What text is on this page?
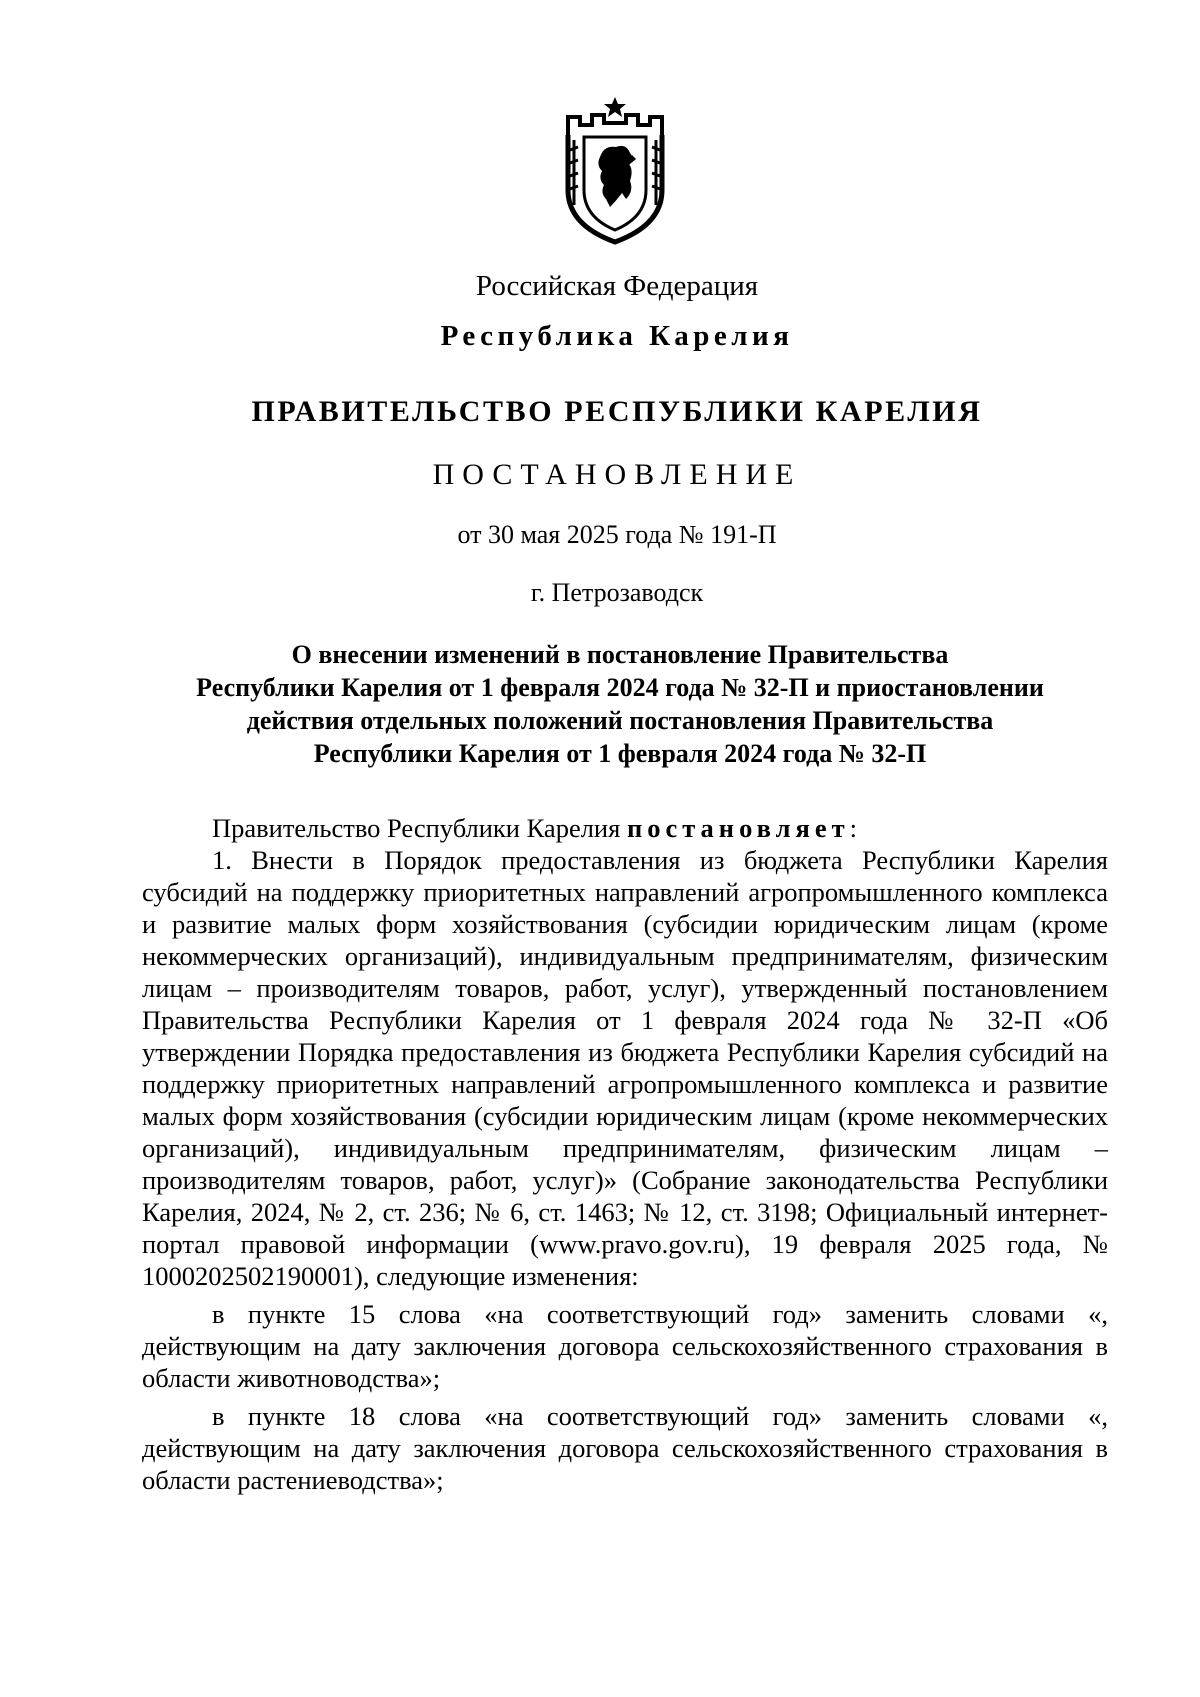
Российская Федерация
Республика Карелия
ПРАВИТЕЛЬСТВО РЕСПУБЛИКИ КАРЕЛИЯ
ПОСТАНОВЛЕНИЕ
от 30 мая 2025 года № 191-П
г. Петрозаводск
О внесении изменений в постановление Правительства
Республики Карелия от 1 февраля 2024 года № 32-П и приостановлении
действия отдельных положений постановления Правительства
Республики Карелия от 1 февраля 2024 года № 32-П

Правительство Республики Карелия постановляет:

1. Внести в Порядок предоставления из бюджета Республики Карелия субсидий на поддержку приоритетных направлений агропромышленного комплекса и развитие малых форм хозяйствования (субсидии юридическим лицам (кроме некоммерческих организаций), индивидуальным предпринимателям, физическим лицам – производителям товаров, работ, услуг), утвержденный постановлением Правительства Республики Карелия от 1 февраля 2024 года № 32-П «Об утверждении Порядка предоставления из бюджета Республики Карелия субсидий на поддержку приоритетных направлений агропромышленного комплекса и развитие малых форм хозяйствования (субсидии юридическим лицам (кроме некоммерческих организаций), индивидуальным предпринимателям, физическим лицам – производителям товаров, работ, услуг)» (Собрание законодательства Республики Карелия, 2024, № 2, ст. 236; № 6, ст. 1463; № 12, ст. 3198; Официальный интернет-портал правовой информации (www.pravo.gov.ru), 19 февраля 2025 года, № 1000202502190001), следующие изменения:

в пункте 15 слова «на соответствующий год» заменить словами «, действующим на дату заключения договора сельскохозяйственного страхования в области животноводства»;

в пункте 18 слова «на соответствующий год» заменить словами «, действующим на дату заключения договора сельскохозяйственного страхования в области растениеводства»;
